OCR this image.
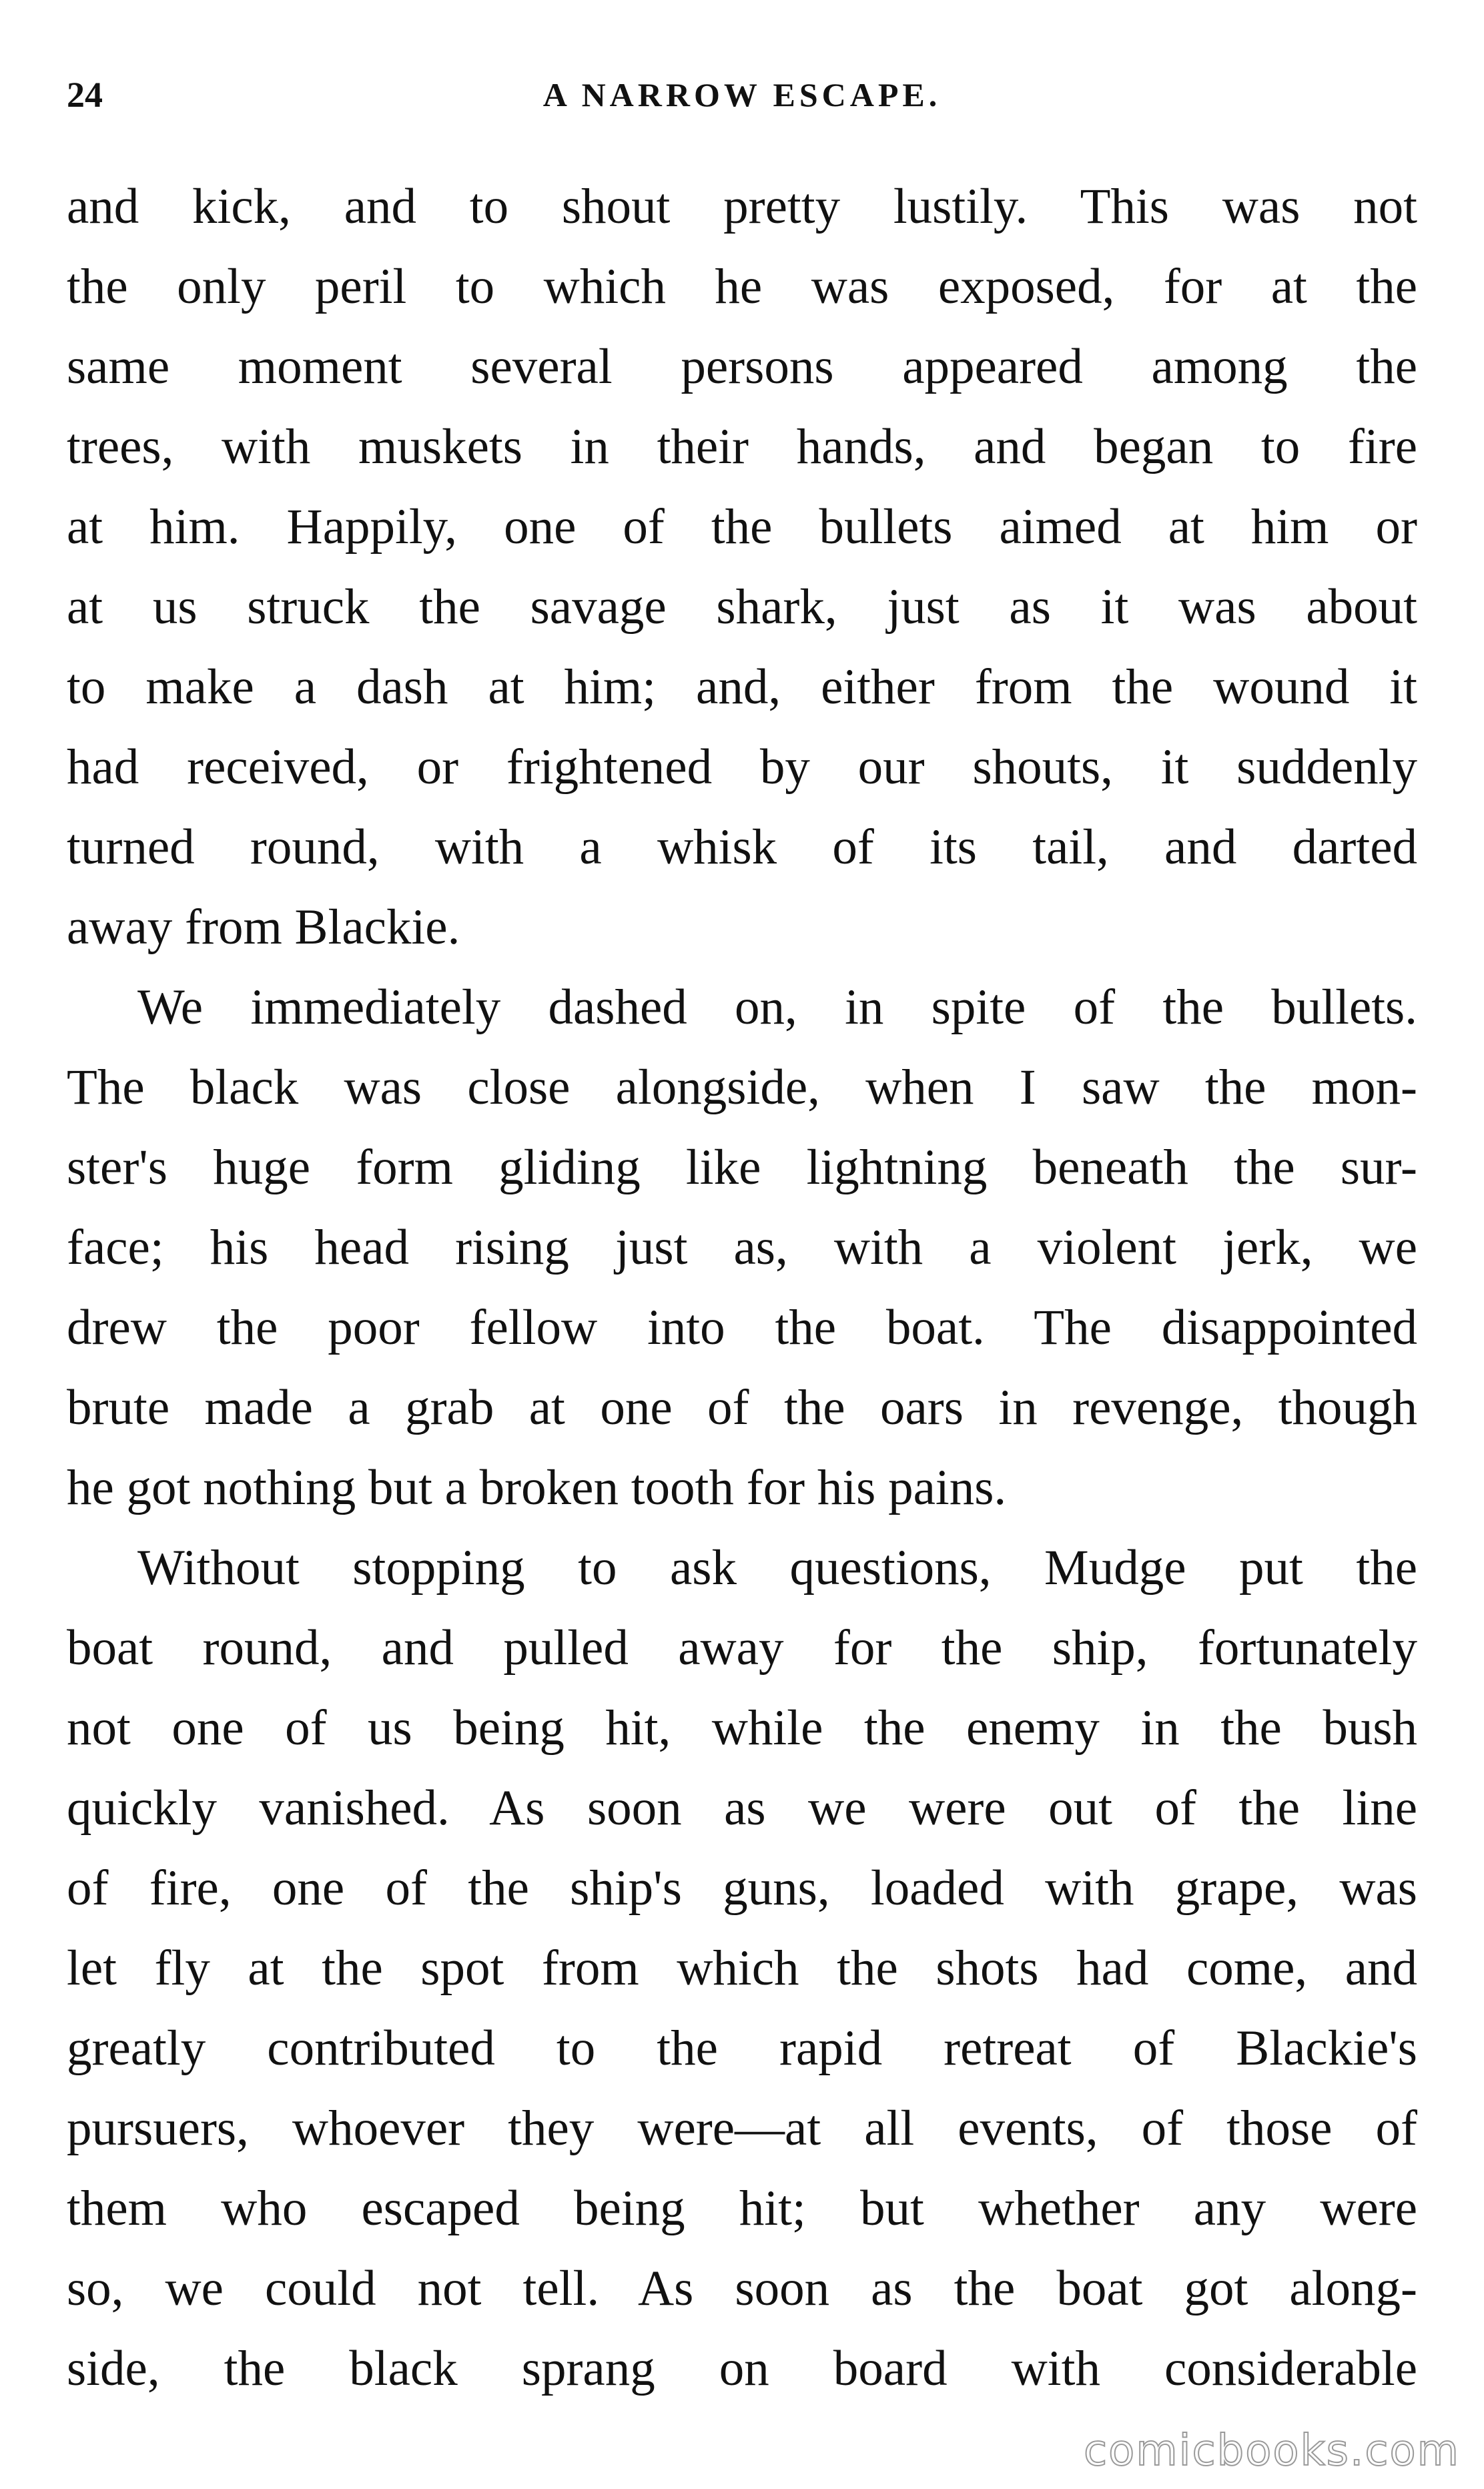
24	A NARROW ESCAPE.
and kick, and to shout pretty lustily. This was not
the only peril to which he was exposed, for at the
same moment several persons appeared among the
trees, with muskets in their hands, and began to fire
at him. Happily, one of the bullets aimed at him or
at us struck the savage shark, just as it was about
to make a dash at him; and, either from the wound it
had received, or frightened by our shouts, it suddenly
turned round, with a whisk of its tail, and darted
away from Blackie.
We immediately dashed on, in spite of the bullets.
The black was close alongside, when I saw the mon-
ster's huge form gliding like lightning beneath the sur-
face; his head rising just as, with a violent jerk, we
drew the poor fellow into the boat. The disappointed
brute made a grab at one of the oars in revenge, though
he got nothing but a broken tooth for his pains.
Without stopping to ask questions, Mudge put the
boat round, and pulled away for the ship, fortunately
not one of us being hit, while the enemy in the bush
quickly vanished. As soon as we were out of the line
of fire, one of the ship's guns, loaded with grape, was
let fly at the spot from which the shots had come, and
greatly contributed to the rapid retreat of Blackie's
pursuers, whoever they were—at all events, of those of
them who escaped being hit; but whether any were
so, we could not tell. As soon as the boat got along-
side, the black sprang on board with considerable
comicbooks.com
